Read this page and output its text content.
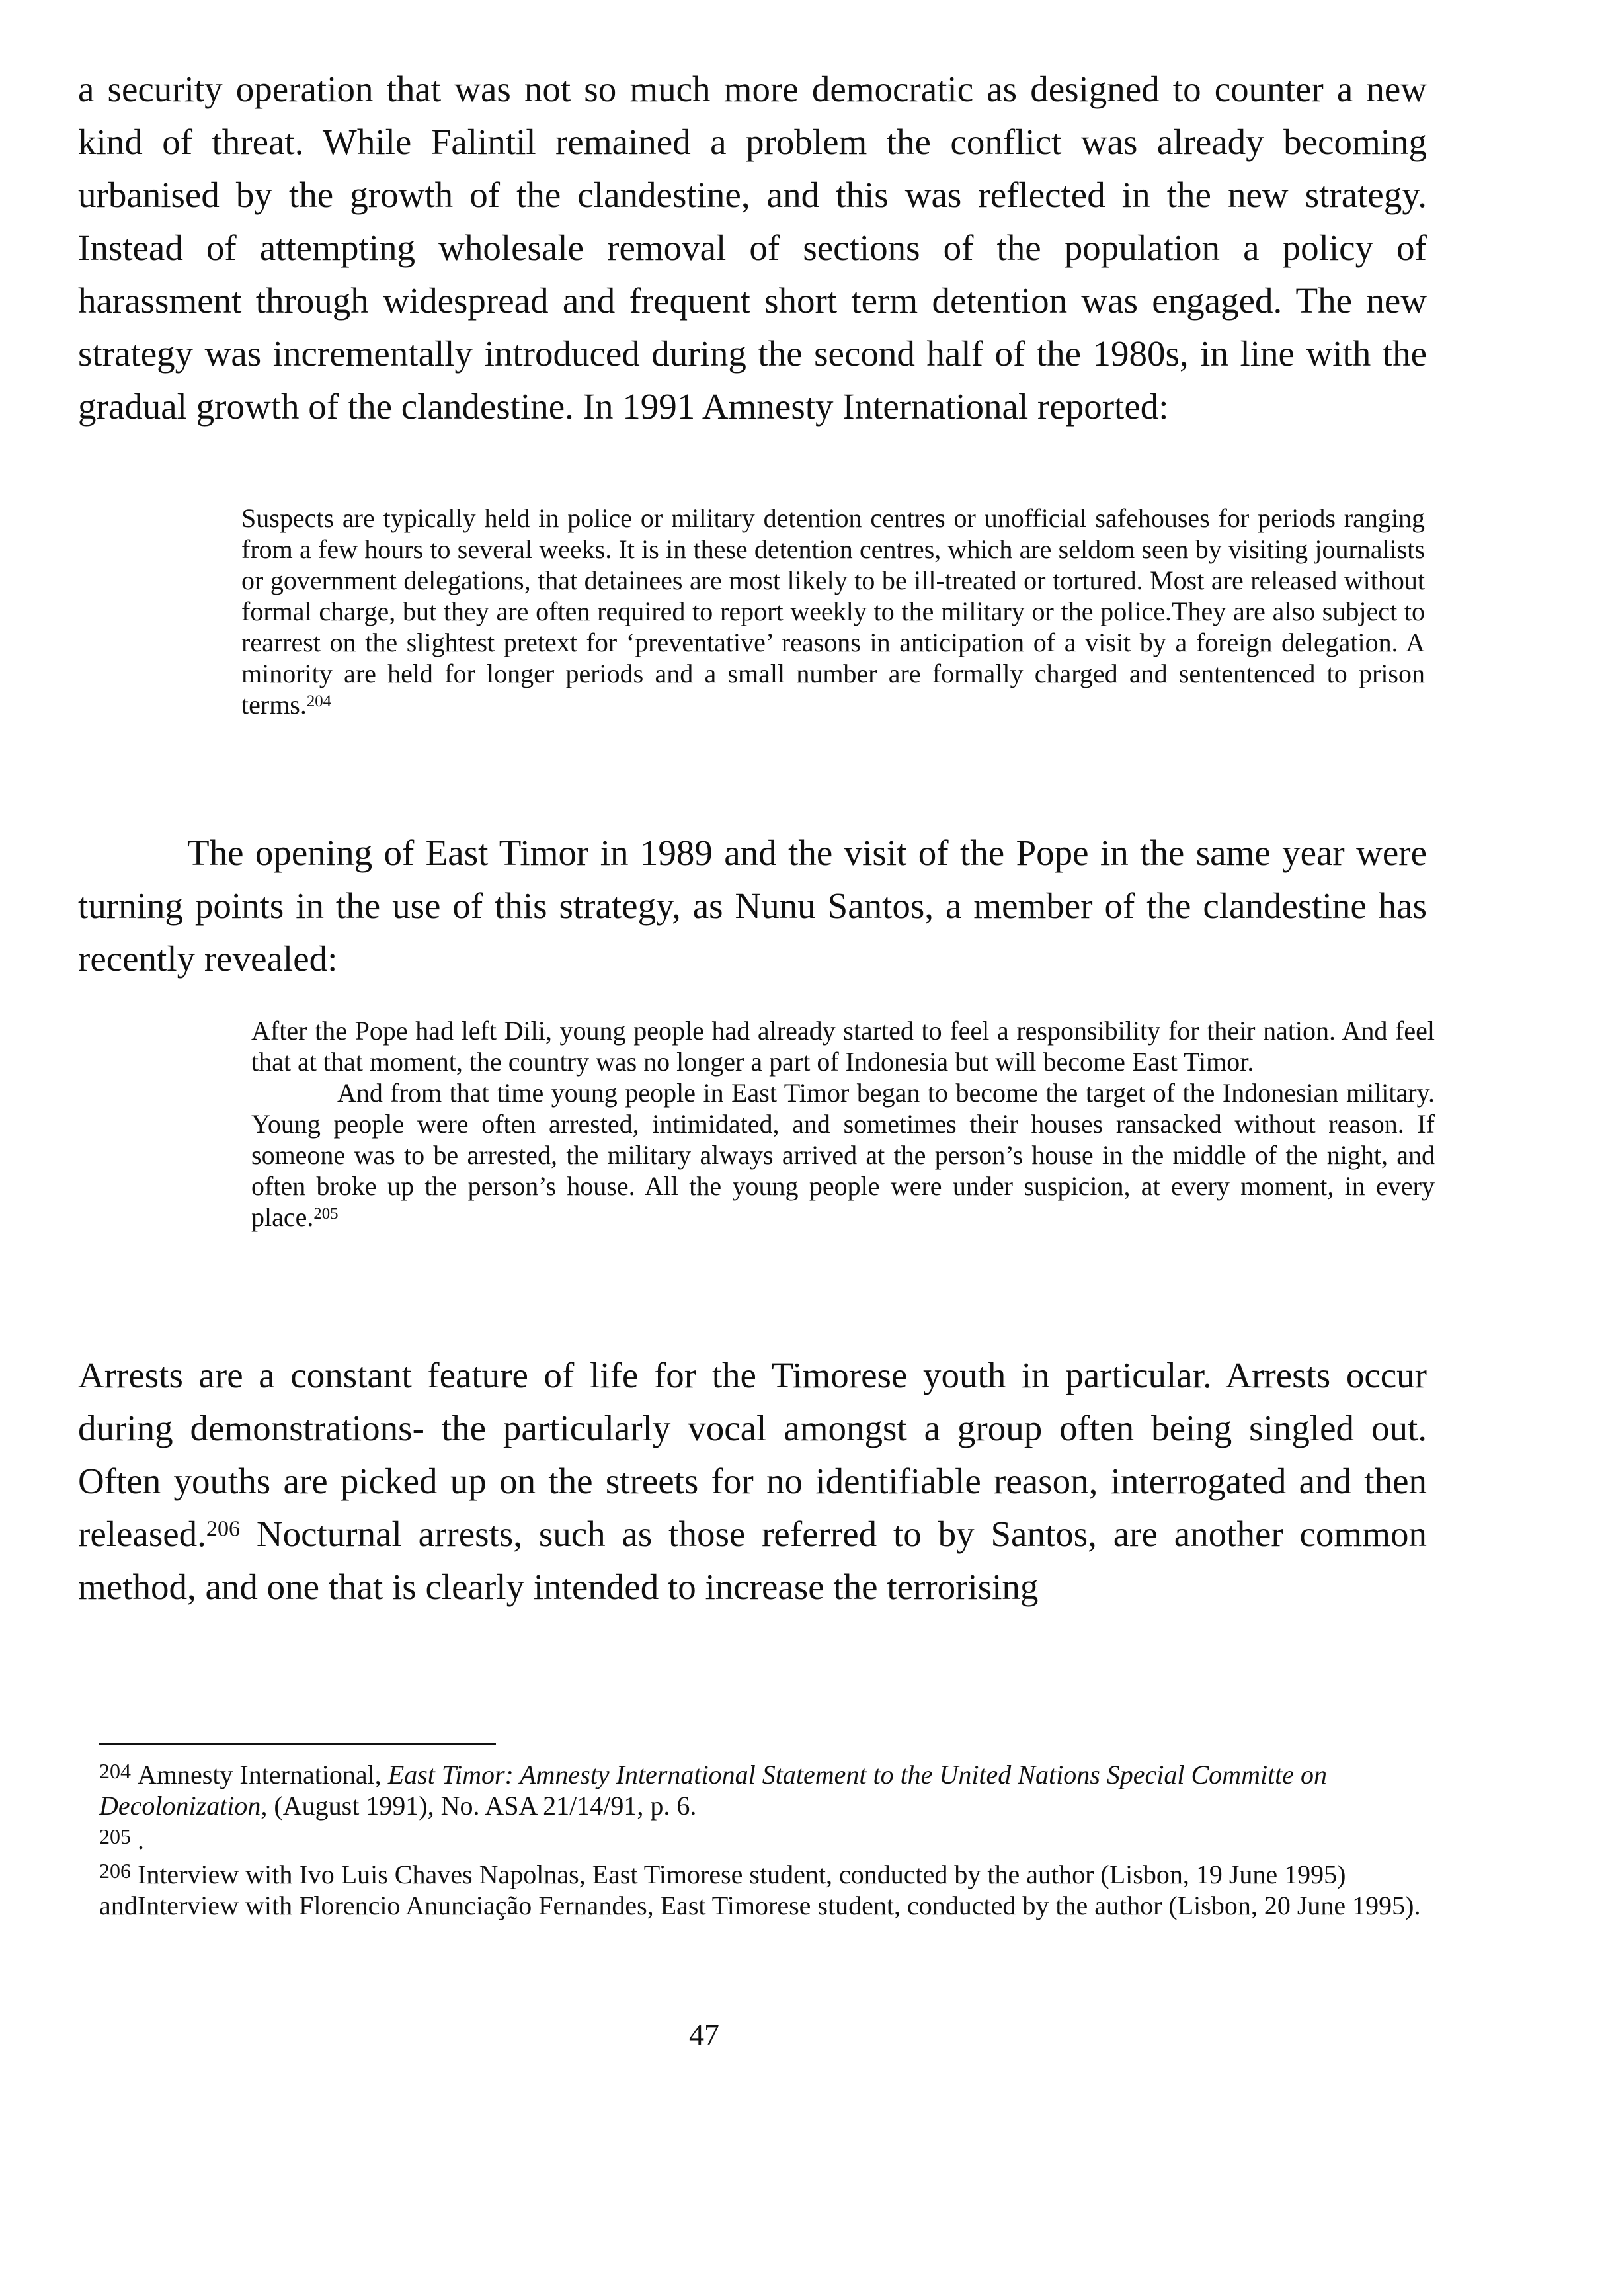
a security operation that was not so much more democratic as designed to counter a new kind of threat. While Falintil remained a problem the conflict was already becoming urbanised by the growth of the clandestine, and this was reflected in the new strategy. Instead of attempting wholesale removal of sections of the population a policy of harassment through widespread and frequent short term detention was engaged. The new strategy was incrementally introduced during the second half of the 1980s, in line with the gradual growth of the clandestine. In 1991 Amnesty International reported:

Suspects are typically held in police or military detention centres or unofficial safehouses for periods ranging from a few hours to several weeks. It is in these detention centres, which are seldom seen by visiting journalists or government delegations, that detainees are most likely to be ill-treated or tortured. Most are released without formal charge, but they are often required to report weekly to the military or the police.They are also subject to rearrest on the slightest pretext for ‘preventative’ reasons in anticipation of a visit by a foreign delegation. A minority are held for longer periods and a small number are formally charged and sententenced to prison terms.$^{204}$

The opening of East Timor in 1989 and the visit of the Pope in the same year were turning points in the use of this strategy, as Nunu Santos, a member of the clandestine has recently revealed:

After the Pope had left Dili, young people had already started to feel a responsibility for their nation. And feel that at that moment, the country was no longer a part of Indonesia but will become East Timor.

And from that time young people in East Timor began to become the target of the Indonesian military. Young people were often arrested, intimidated, and sometimes their houses ransacked without reason. If someone was to be arrested, the military always arrived at the person’s house in the middle of the night, and often broke up the person’s house. All the young people were under suspicion, at every moment, in every place.$^{205}$

Arrests are a constant feature of life for the Timorese youth in particular. Arrests occur during demonstrations- the particularly vocal amongst a group often being singled out. Often youths are picked up on the streets for no identifiable reason, interrogated and then released.$^{206}$ Nocturnal arrests, such as those referred to by Santos, are another common method, and one that is clearly intended to increase the terrorising

$^{204}$ Amnesty International, East Timor: Amnesty International Statement to the United Nations Special Committe on Decolonization, (August 1991), No. ASA 21/14/91, p. 6.

$^{205}$ .

$^{206}$ Interview with Ivo Luis Chaves Napolnas, East Timorese student, conducted by the author (Lisbon, 19 June 1995) andInterview with Florencio Anunciação Fernandes, East Timorese student, conducted by the author (Lisbon, 20 June 1995).

47
